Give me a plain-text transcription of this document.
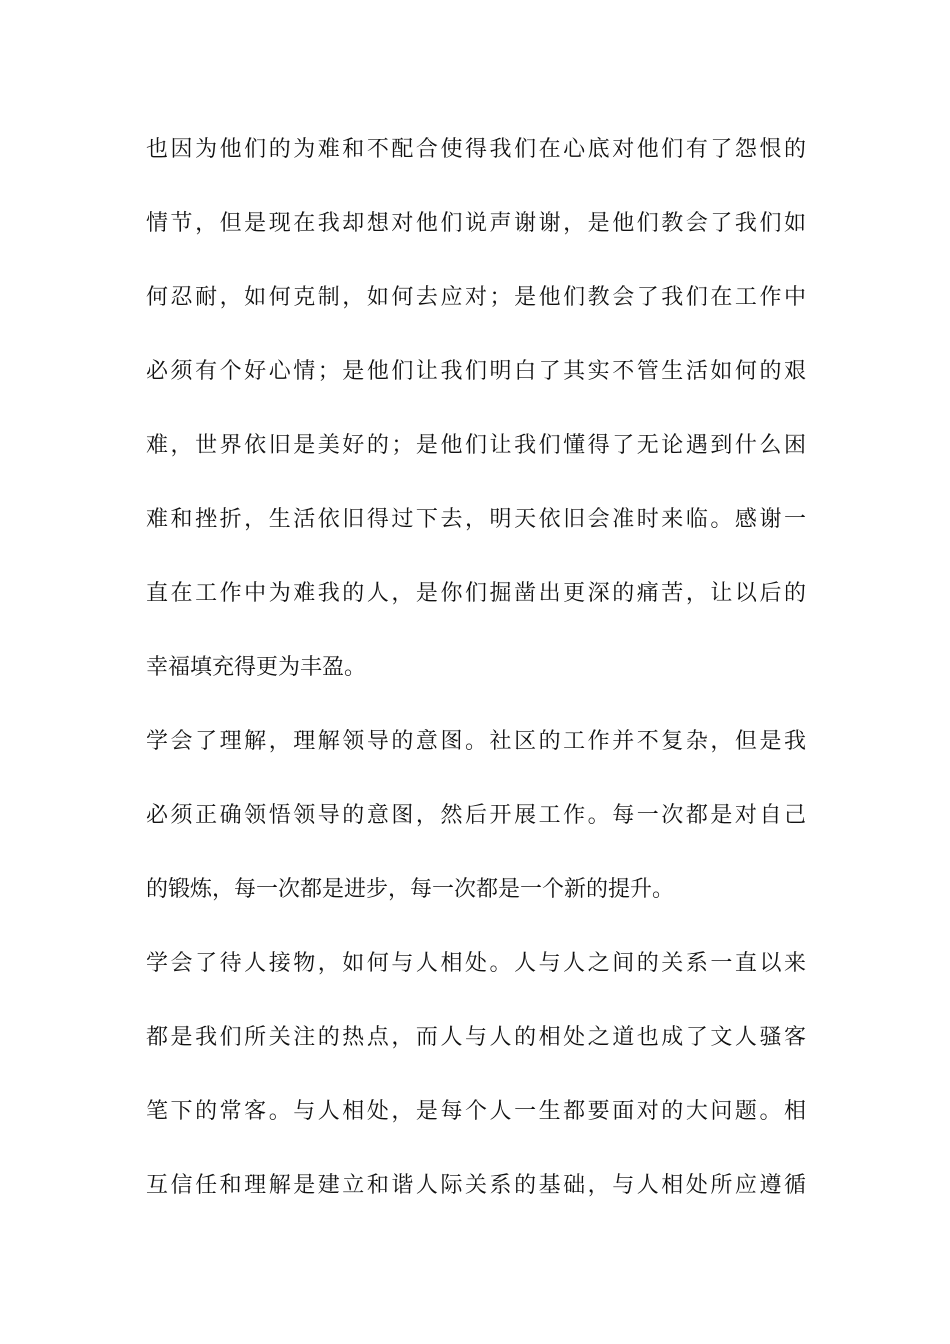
也因为他们的为难和不配合使得我们在心底对他们有了怨恨的
情节，但是现在我却想对他们说声谢谢，是他们教会了我们如
何忍耐，如何克制，如何去应对；是他们教会了我们在工作中
必须有个好心情；是他们让我们明白了其实不管生活如何的艰
难，世界依旧是美好的；是他们让我们懂得了无论遇到什么困
难和挫折，生活依旧得过下去，明天依旧会准时来临。感谢一
直在工作中为难我的人，是你们掘凿出更深的痛苦，让以后的
幸福填充得更为丰盈。
学会了理解，理解领导的意图。社区的工作并不复杂，但是我
必须正确领悟领导的意图，然后开展工作。每一次都是对自己
的锻炼，每一次都是进步，每一次都是一个新的提升。
学会了待人接物，如何与人相处。人与人之间的关系一直以来
都是我们所关注的热点，而人与人的相处之道也成了文人骚客
笔下的常客。与人相处，是每个人一生都要面对的大问题。相
互信任和理解是建立和谐人际关系的基础，与人相处所应遵循
